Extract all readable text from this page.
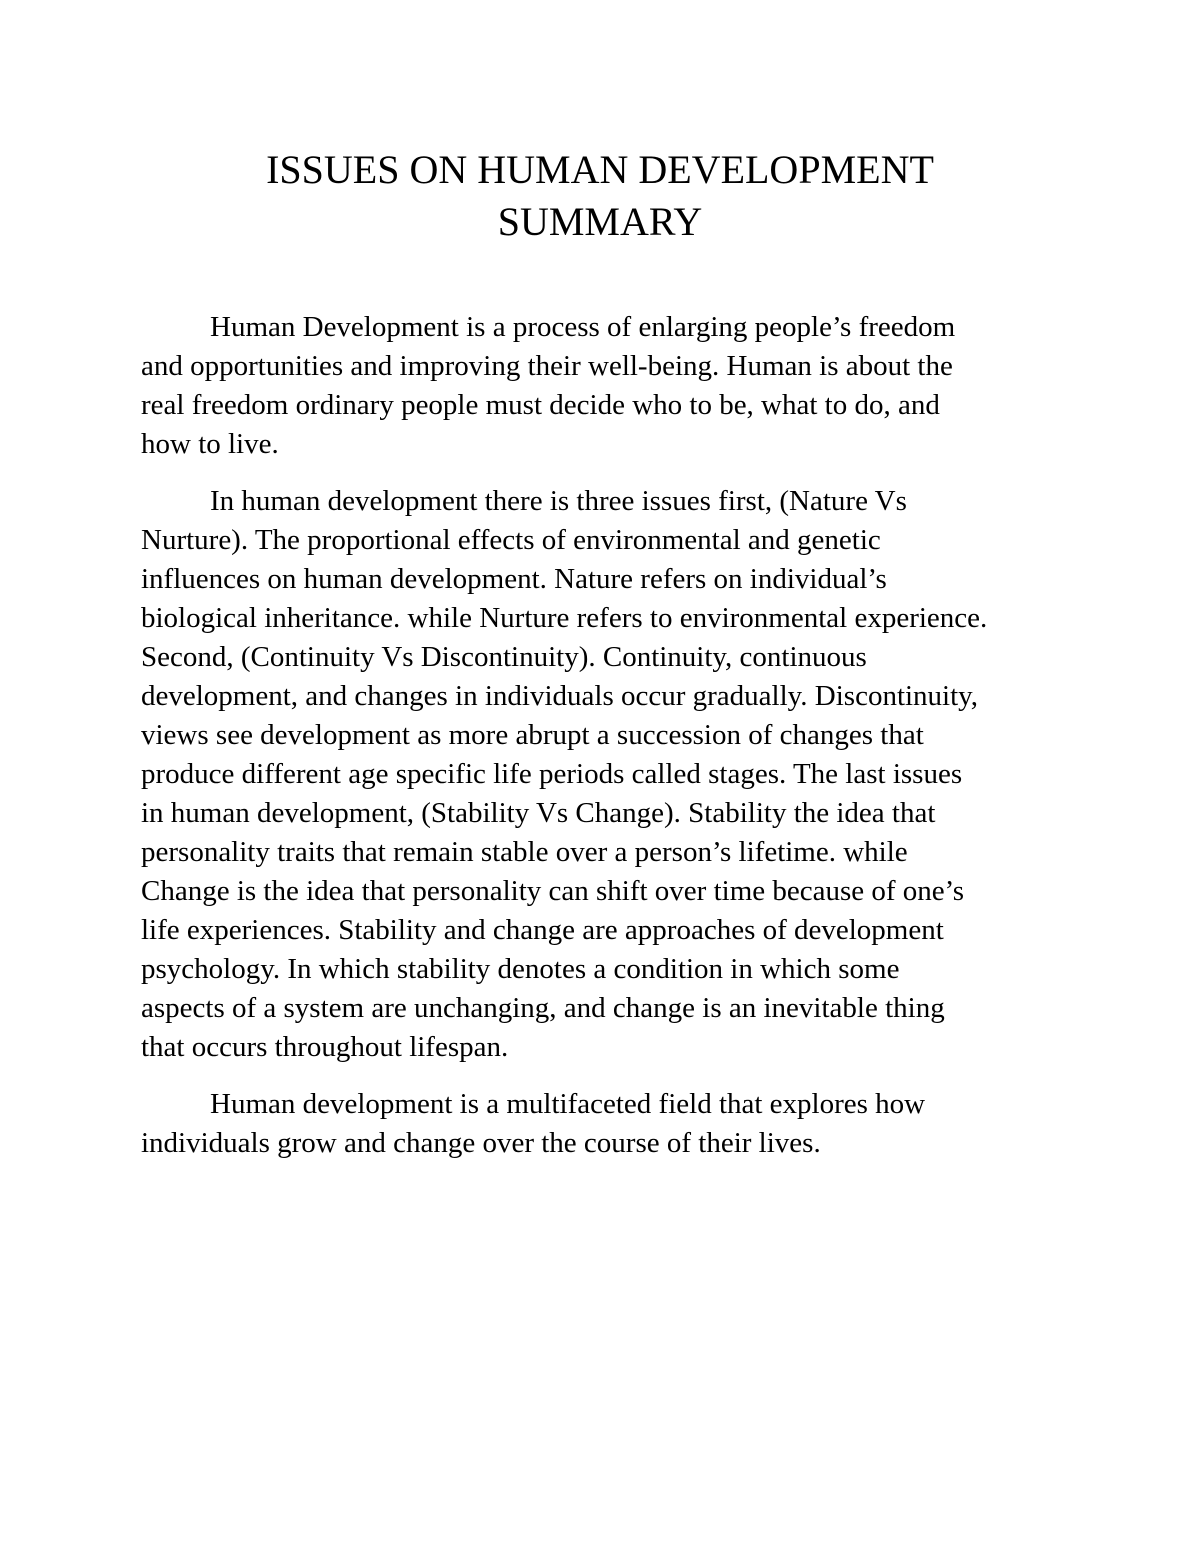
ISSUES ON HUMAN DEVELOPMENT
SUMMARY

Human Development is a process of enlarging people’s freedom
and opportunities and improving their well-being. Human is about the
real freedom ordinary people must decide who to be, what to do, and
how to live.

In human development there is three issues first, (Nature Vs
Nurture). The proportional effects of environmental and genetic
influences on human development. Nature refers on individual’s
biological inheritance. while Nurture refers to environmental experience.
Second, (Continuity Vs Discontinuity). Continuity, continuous
development, and changes in individuals occur gradually. Discontinuity,
views see development as more abrupt a succession of changes that
produce different age specific life periods called stages. The last issues
in human development, (Stability Vs Change). Stability the idea that
personality traits that remain stable over a person’s lifetime. while
Change is the idea that personality can shift over time because of one’s
life experiences. Stability and change are approaches of development
psychology. In which stability denotes a condition in which some
aspects of a system are unchanging, and change is an inevitable thing
that occurs throughout lifespan.

Human development is a multifaceted field that explores how
individuals grow and change over the course of their lives.
